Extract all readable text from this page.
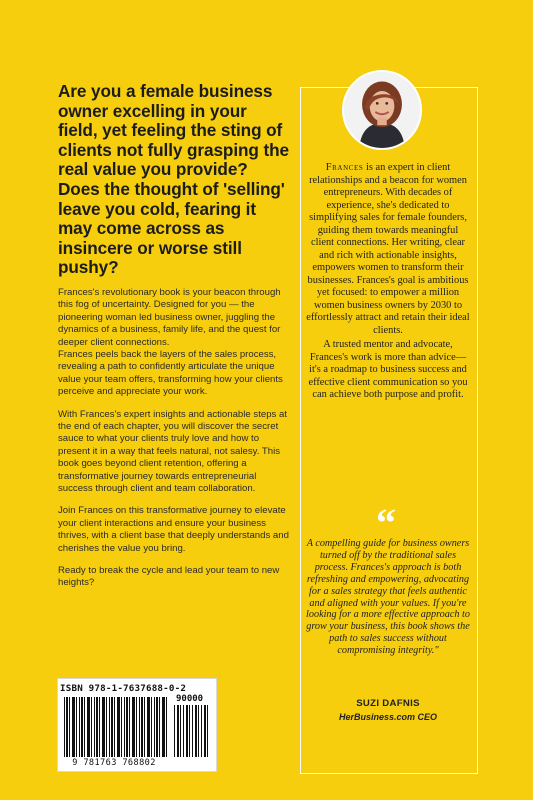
Are you a female business owner excelling in your field, yet feeling the sting of clients not fully grasping the real value you provide? Does the thought of 'selling' leave you cold, fearing it may come across as insincere or worse still pushy?

Frances's revolutionary book is your beacon through this fog of uncertainty. Designed for you — the pioneering woman led business owner, juggling the dynamics of a business, family life, and the quest for deeper client connections.

Frances peels back the layers of the sales process, revealing a path to confidently articulate the unique value your team offers, transforming how your clients perceive and appreciate your work.

With Frances's expert insights and actionable steps at the end of each chapter, you will discover the secret sauce to what your clients truly love and how to present it in a way that feels natural, not salesy. This book goes beyond client retention, offering a transformative journey towards entrepreneurial success through client and team collaboration.

Join Frances on this transformative journey to elevate your client interactions and ensure your business thrives, with a client base that deeply understands and cherishes the value you bring.

Ready to break the cycle and lead your team to new heights?

ISBN 978-1-7637688-0-2
90000
9 781763 768802

Frances is an expert in client relationships and a beacon for women entrepreneurs. With decades of experience, she's dedicated to simplifying sales for female founders, guiding them towards meaningful client connections. Her writing, clear and rich with actionable insights, empowers women to transform their businesses. Frances's goal is ambitious yet focused: to empower a million women business owners by 2030 to effortlessly attract and retain their ideal clients.

A trusted mentor and advocate, Frances's work is more than advice—it's a roadmap to business success and effective client communication so you can achieve both purpose and profit.

“

A compelling guide for business owners turned off by the traditional sales process. Frances's approach is both refreshing and empowering, advocating for a sales strategy that feels authentic and aligned with your values. If you're looking for a more effective approach to grow your business, this book shows the path to sales success without compromising integrity."

SUZI DAFNIS
HerBusiness.com CEO
